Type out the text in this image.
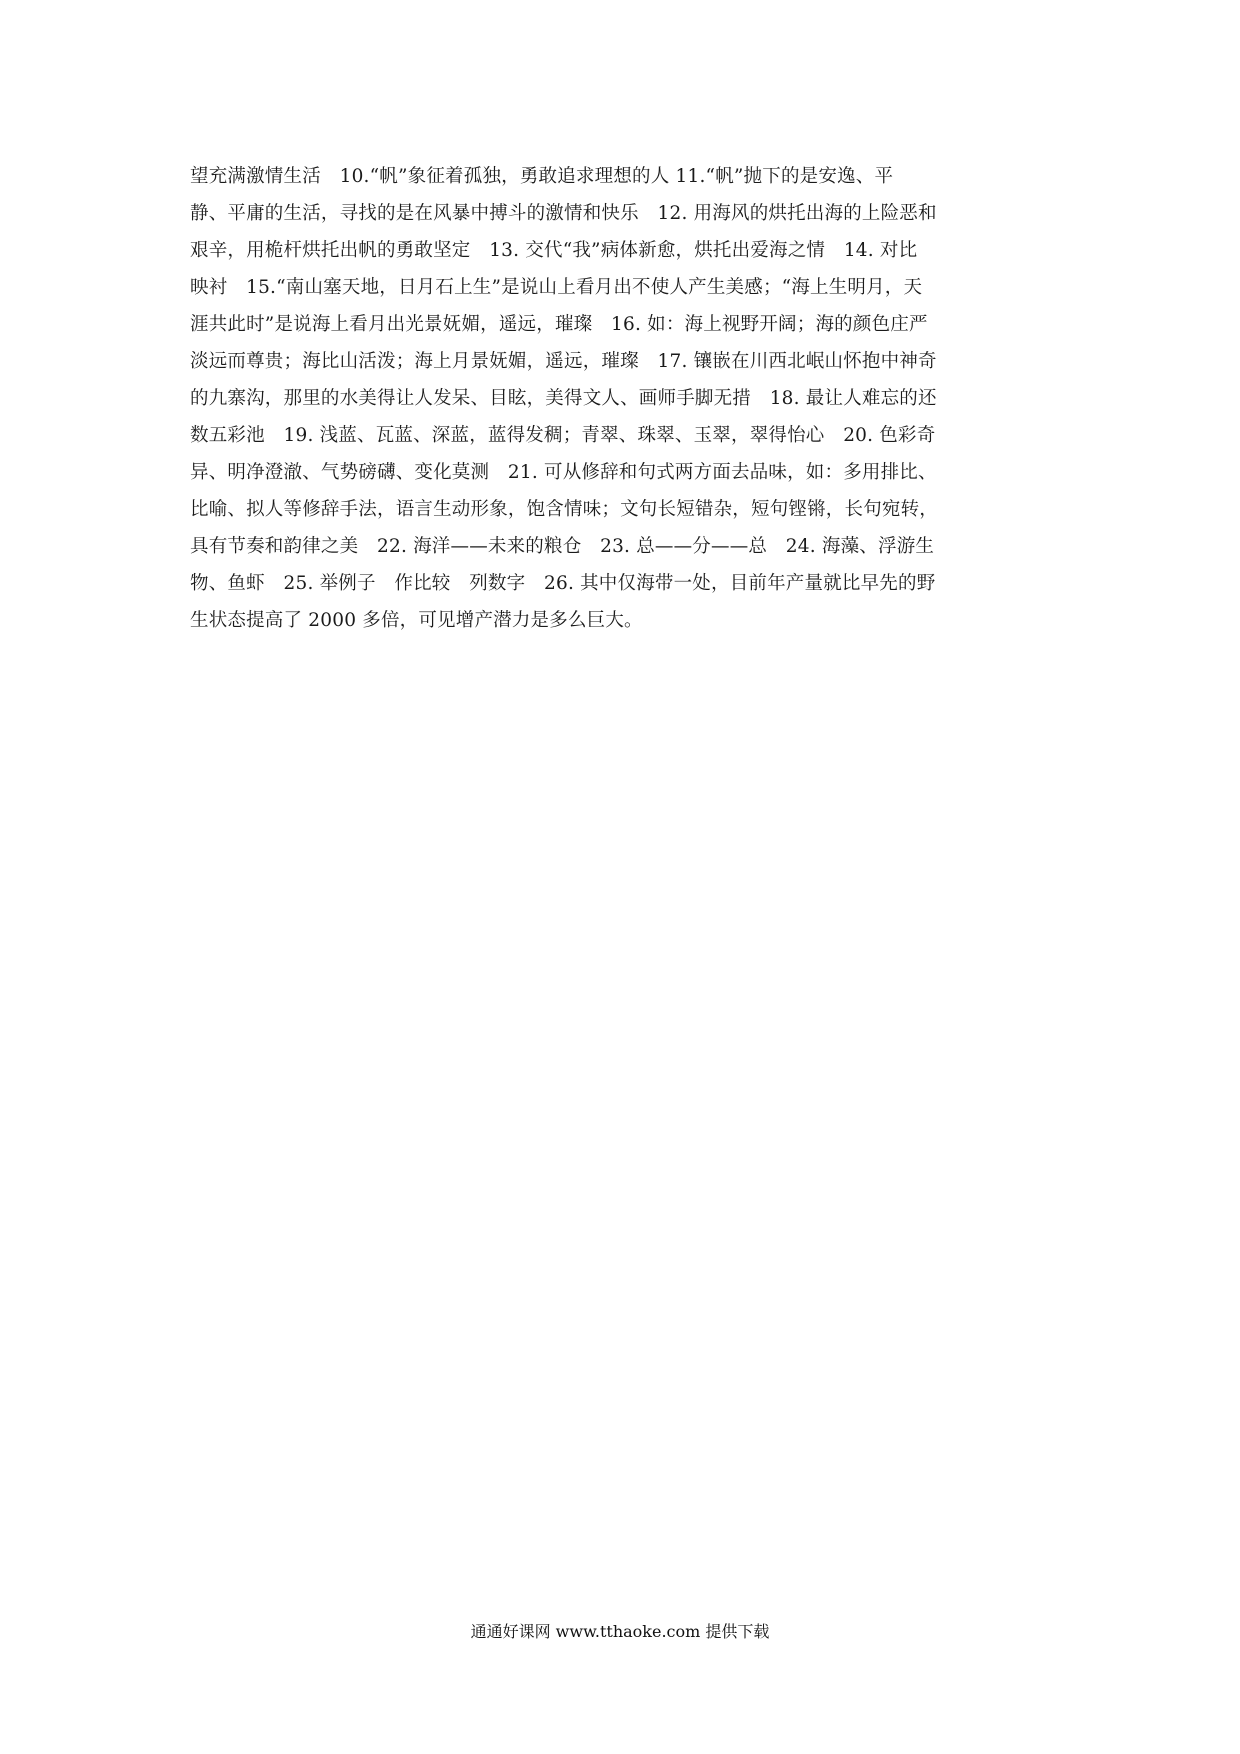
望充满激情生活　10.“帆”象征着孤独，勇敢追求理想的人 11.“帆”抛下的是安逸、平
静、平庸的生活，寻找的是在风暴中搏斗的激情和快乐　12. 用海风的烘托出海的上险恶和
艰辛，用桅杆烘托出帆的勇敢坚定　13. 交代“我”病体新愈，烘托出爱海之情　14. 对比
映衬　15.“南山塞天地，日月石上生”是说山上看月出不使人产生美感；“海上生明月，天
涯共此时”是说海上看月出光景妩媚，遥远，璀璨　16. 如：海上视野开阔；海的颜色庄严
淡远而尊贵；海比山活泼；海上月景妩媚，遥远，璀璨　17. 镶嵌在川西北岷山怀抱中神奇
的九寨沟，那里的水美得让人发呆、目眩，美得文人、画师手脚无措　18. 最让人难忘的还
数五彩池　19. 浅蓝、瓦蓝、深蓝，蓝得发稠；青翠、珠翠、玉翠，翠得怡心　20. 色彩奇
异、明净澄澈、气势磅礴、变化莫测　21. 可从修辞和句式两方面去品味，如：多用排比、
比喻、拟人等修辞手法，语言生动形象，饱含情味；文句长短错杂，短句铿锵，长句宛转，
具有节奏和韵律之美　22. 海洋——未来的粮仓　23. 总——分——总　24. 海藻、浮游生
物、鱼虾　25. 举例子　作比较　列数字　26. 其中仅海带一处，目前年产量就比早先的野
生状态提高了 2000 多倍，可见增产潜力是多么巨大。
通通好课网 www.tthaoke.com 提供下载
